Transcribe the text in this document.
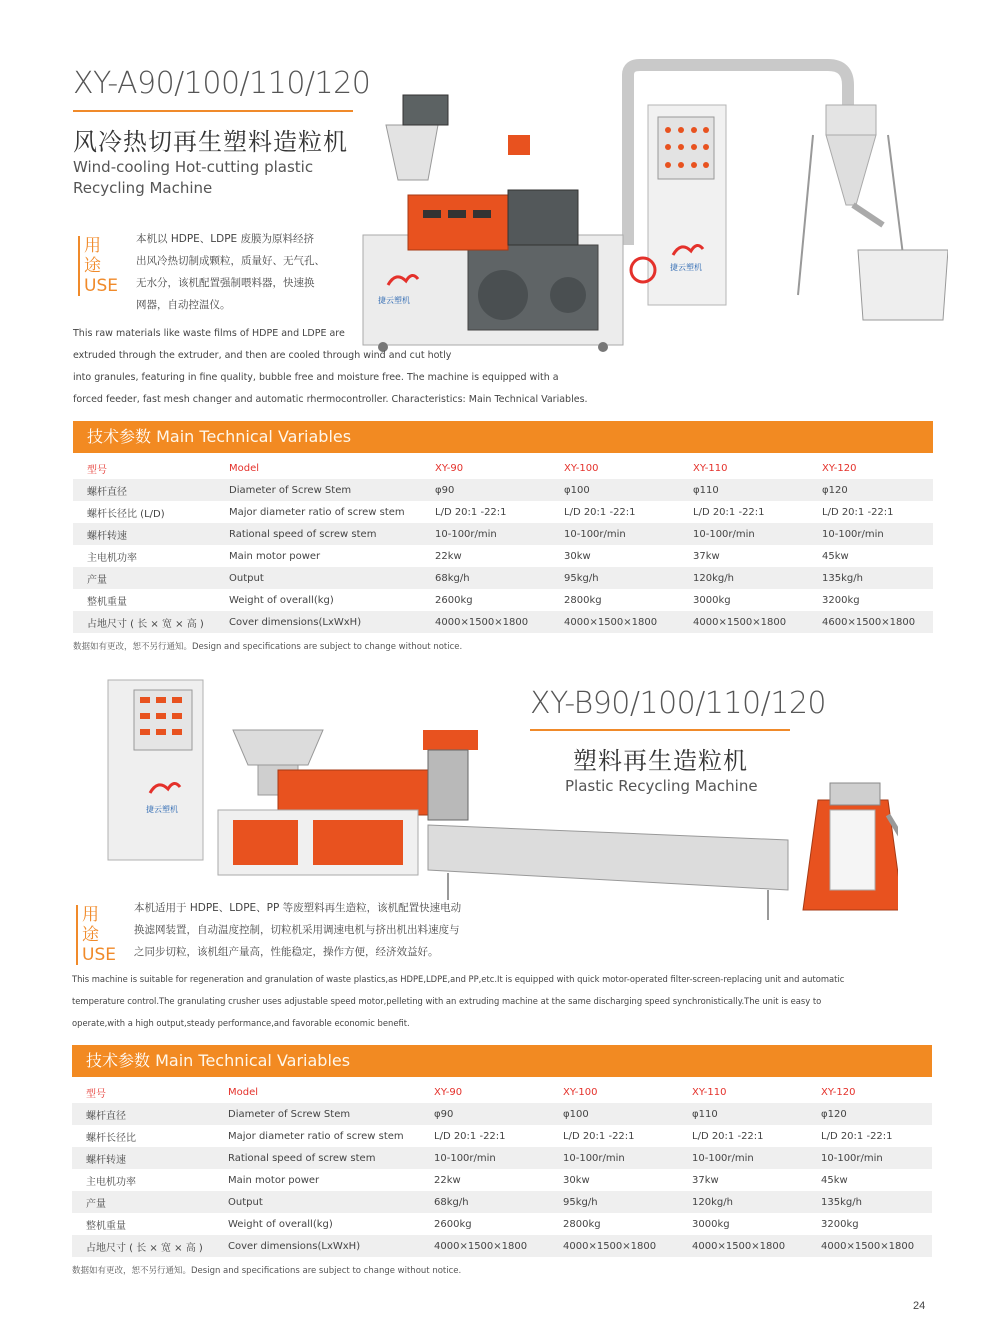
XY-A90/100/110/120
风冷热切再生塑料造粒机
Wind-cooling Hot-cutting plastic
Recycling Machine
捷云塑机
捷云塑机
用途
USE
本机以 HDPE、LDPE 废膜为原料经挤
出风冷热切制成颗粒，质量好、无气孔、
无水分，该机配置强制喂料器，快速换
网器，自动控温仪。
This raw materials like waste films of HDPE and LDPE are
extruded through the extruder, and then are cooled through wind and cut hotly
into granules, featuring in fine quality, bubble free and moisture free. The machine is equipped with a
forced feeder, fast mesh changer and automatic rhermocontroller. Characteristics: Main Technical Variables.
技术参数 Main Technical Variables
型号	Model	XY-90	XY-100	XY-110	XY-120
螺杆直径	Diameter of Screw Stem	φ90	φ100	φ110	φ120
螺杆长径比 (L/D)	Major diameter ratio of screw stem	L/D 20:1 -22:1	L/D 20:1 -22:1	L/D 20:1 -22:1	L/D 20:1 -22:1
螺杆转速	Rational speed of screw stem	10-100r/min	10-100r/min	10-100r/min	10-100r/min
主电机功率	Main motor power	22kw	30kw	37kw	45kw
产量	Output	68kg/h	95kg/h	120kg/h	135kg/h
整机重量	Weight of overall(kg)	2600kg	2800kg	3000kg	3200kg
占地尺寸 ( 长 × 宽 × 高 )	Cover dimensions(LxWxH)	4000×1500×1800	4000×1500×1800	4000×1500×1800	4600×1500×1800
数据如有更改，恕不另行通知。Design and specifications are subject to change without notice.
捷云塑机
XY-B90/100/110/120
塑料再生造粒机
Plastic Recycling Machine
用途
USE
本机适用于 HDPE、LDPE、PP 等废塑料再生造粒，该机配置快速电动
换滤网装置，自动温度控制，切粒机采用调速电机与挤出机出料速度与
之同步切粒，该机组产量高，性能稳定，操作方便，经济效益好。
This machine is suitable for regeneration and granulation of waste plastics,as HDPE,LDPE,and PP,etc.It is equipped with quick motor-operated filter-screen-replacing unit and automatic
temperature control.The granulating crusher uses adjustable speed motor,pelleting with an extruding machine at the same discharging speed synchronistically.The unit is easy to
operate,with a high output,steady performance,and favorable economic benefit.
技术参数 Main Technical Variables
型号	Model	XY-90	XY-100	XY-110	XY-120
螺杆直径	Diameter of Screw Stem	φ90	φ100	φ110	φ120
螺杆长径比	Major diameter ratio of screw stem	L/D 20:1 -22:1	L/D 20:1 -22:1	L/D 20:1 -22:1	L/D 20:1 -22:1
螺杆转速	Rational speed of screw stem	10-100r/min	10-100r/min	10-100r/min	10-100r/min
主电机功率	Main motor power	22kw	30kw	37kw	45kw
产量	Output	68kg/h	95kg/h	120kg/h	135kg/h
整机重量	Weight of overall(kg)	2600kg	2800kg	3000kg	3200kg
占地尺寸 ( 长 × 宽 × 高 )	Cover dimensions(LxWxH)	4000×1500×1800	4000×1500×1800	4000×1500×1800	4000×1500×1800
数据如有更改，恕不另行通知。Design and specifications are subject to change without notice.
24
